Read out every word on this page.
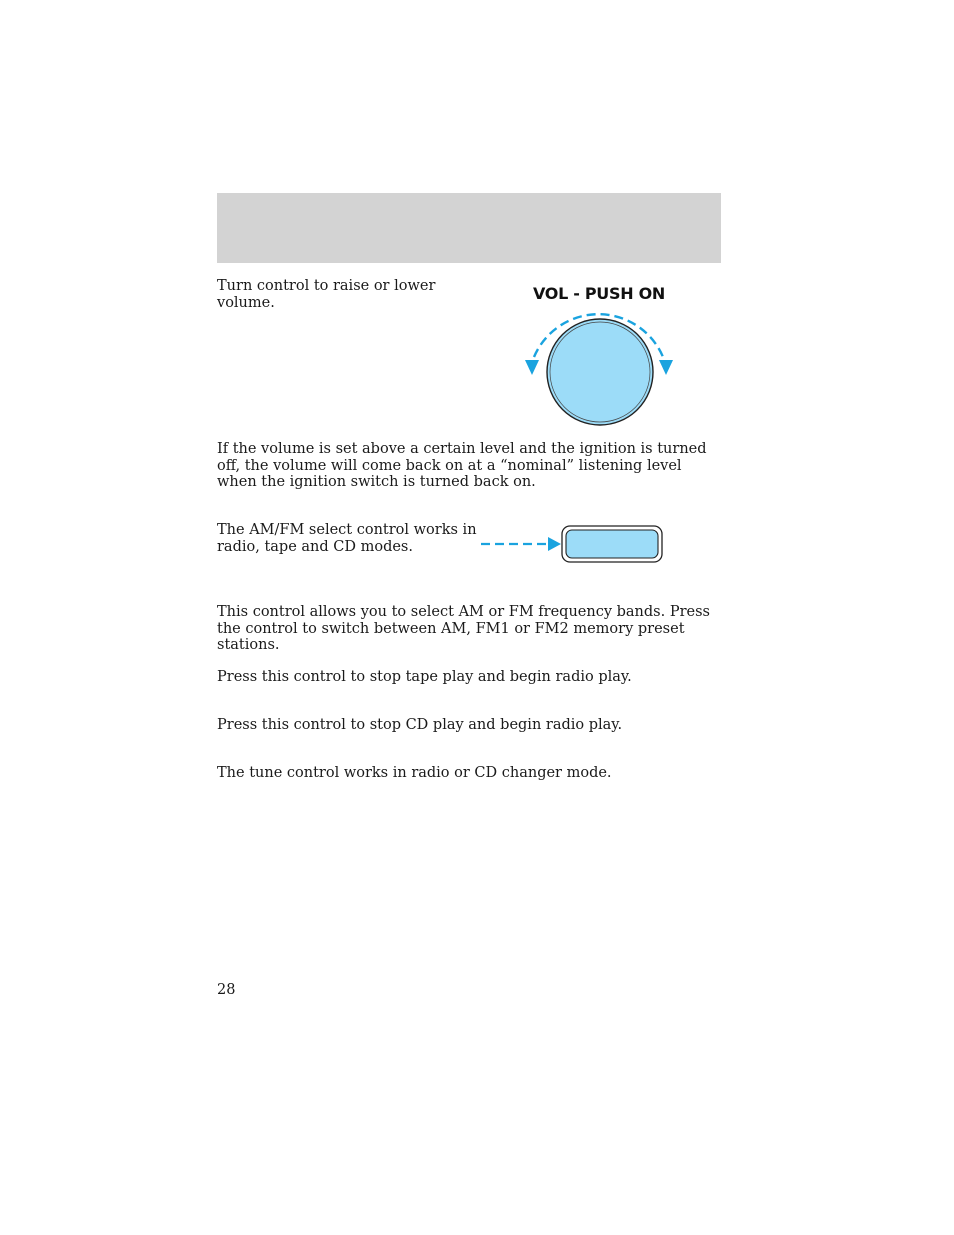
Turn control to raise or lower volume.	VOL - PUSH ON

If the volume is set above a certain level and the ignition is turned off, the volume will come back on at a “nominal” listening level when the ignition switch is turned back on.

The AM/FM select control works in radio, tape and CD modes.

This control allows you to select AM or FM frequency bands. Press the control to switch between AM, FM1 or FM2 memory preset stations.

Press this control to stop tape play and begin radio play.

Press this control to stop CD play and begin radio play.

The tune control works in radio or CD changer mode.

28
